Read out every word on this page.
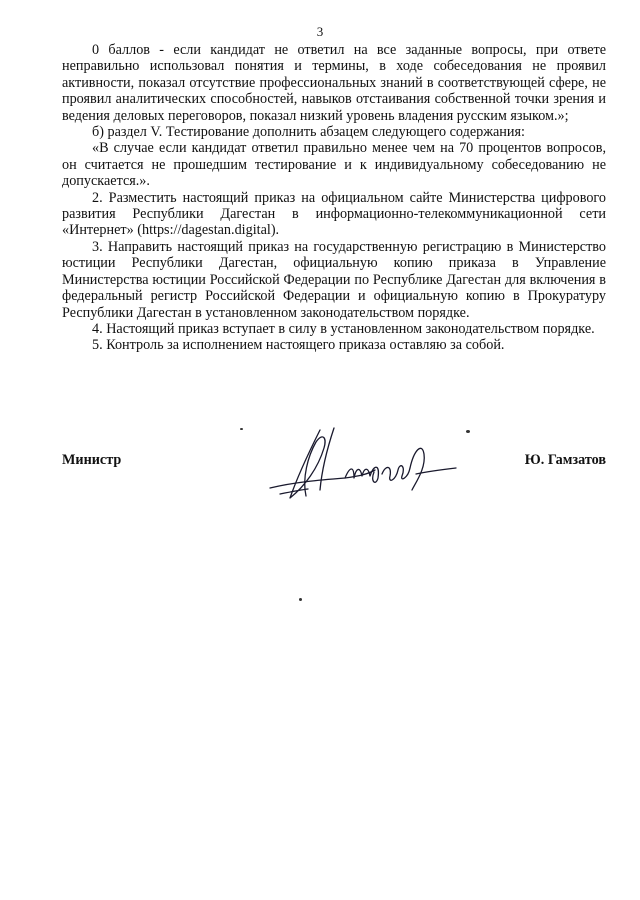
3

0 баллов - если кандидат не ответил на все заданные вопросы, при ответе неправильно использовал понятия и термины, в ходе собеседования не проявил активности, показал отсутствие профессиональных знаний в соответствующей сфере, не проявил аналитических способностей, навыков отстаивания собственной точки зрения и ведения деловых переговоров, показал низкий уровень владения русским языком.»;

б) раздел V. Тестирование дополнить абзацем следующего содержания:

«В случае если кандидат ответил правильно менее чем на 70 процентов вопросов, он считается не прошедшим тестирование и к индивидуальному собеседованию не допускается.».

2. Разместить настоящий приказ на официальном сайте Министерства цифрового развития Республики Дагестан в информационно-телекоммуникационной сети «Интернет» (https://dagestan.digital).

3. Направить настоящий приказ на государственную регистрацию в Министерство юстиции Республики Дагестан, официальную копию приказа в Управление Министерства юстиции Российской Федерации по Республике Дагестан для включения в федеральный регистр Российской Федерации и официальную копию в Прокуратуру Республики Дагестан в установленном законодательством порядке.

4. Настоящий приказ вступает в силу в установленном законодательством порядке.

5. Контроль за исполнением настоящего приказа оставляю за собой.

Министр	Ю. Гамзатов
